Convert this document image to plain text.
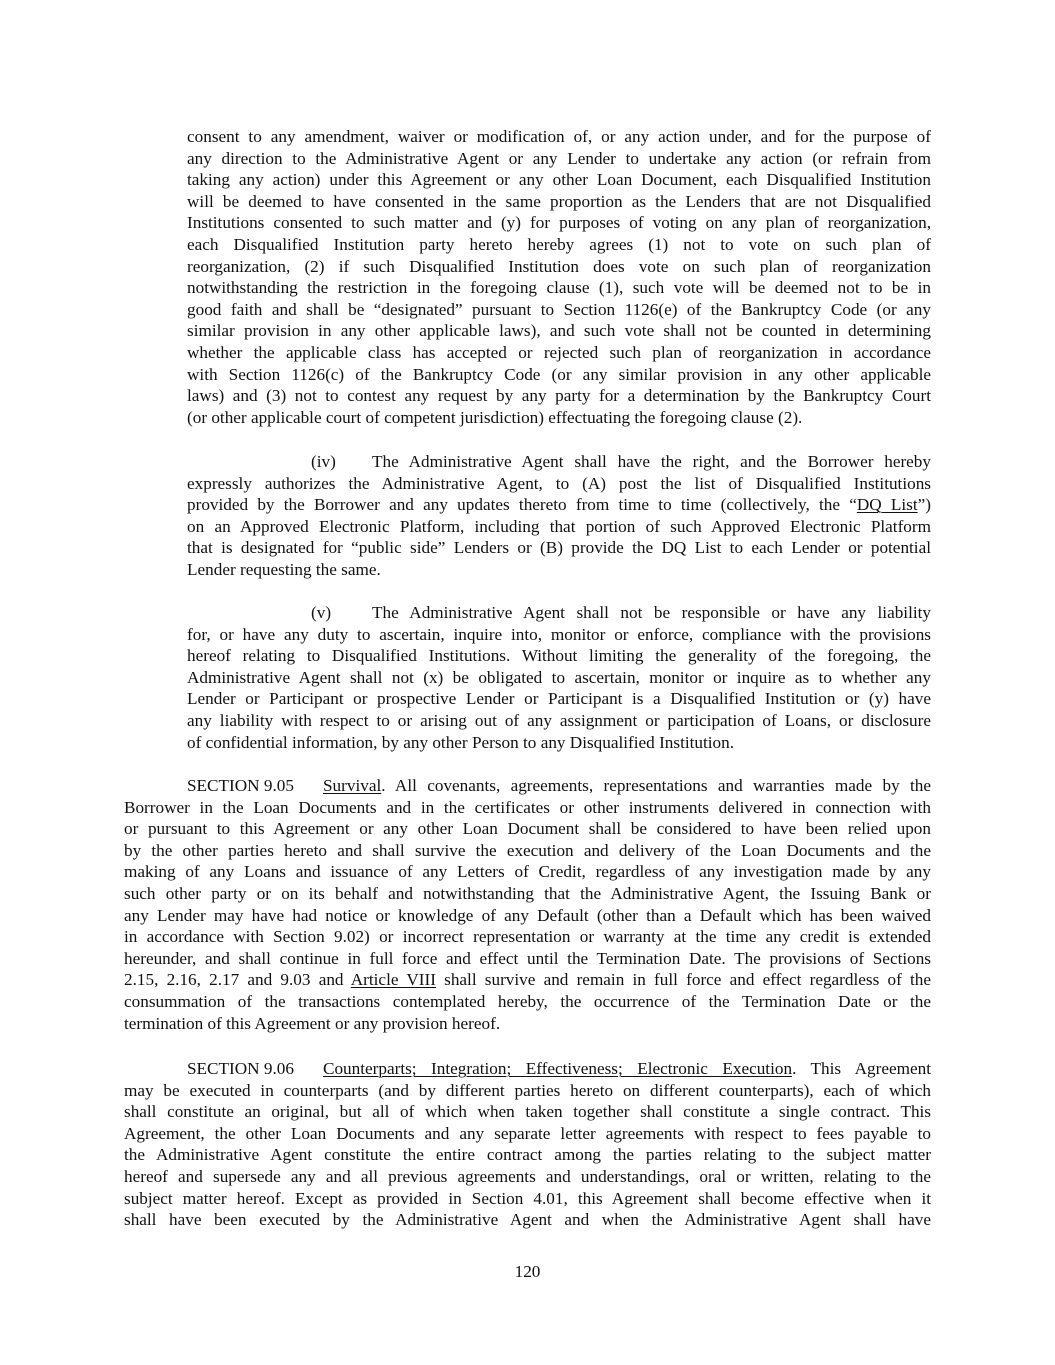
consent to any amendment, waiver or modification of, or any action under, and for the purpose of
any direction to the Administrative Agent or any Lender to undertake any action (or refrain from
taking any action) under this Agreement or any other Loan Document, each Disqualified Institution
will be deemed to have consented in the same proportion as the Lenders that are not Disqualified
Institutions consented to such matter and (y) for purposes of voting on any plan of reorganization,
each Disqualified Institution party hereto hereby agrees (1) not to vote on such plan of
reorganization, (2) if such Disqualified Institution does vote on such plan of reorganization
notwithstanding the restriction in the foregoing clause (1), such vote will be deemed not to be in
good faith and shall be “designated” pursuant to Section 1126(e) of the Bankruptcy Code (or any
similar provision in any other applicable laws), and such vote shall not be counted in determining
whether the applicable class has accepted or rejected such plan of reorganization in accordance
with Section 1126(c) of the Bankruptcy Code (or any similar provision in any other applicable
laws) and (3) not to contest any request by any party for a determination by the Bankruptcy Court
(or other applicable court of competent jurisdiction) effectuating the foregoing clause (2).
(iv)	The Administrative Agent shall have the right, and the Borrower hereby
expressly authorizes the Administrative Agent, to (A) post the list of Disqualified Institutions
provided by the Borrower and any updates thereto from time to time (collectively, the “DQ List”)
on an Approved Electronic Platform, including that portion of such Approved Electronic Platform
that is designated for “public side” Lenders or (B) provide the DQ List to each Lender or potential
Lender requesting the same.
(v)	The Administrative Agent shall not be responsible or have any liability
for, or have any duty to ascertain, inquire into, monitor or enforce, compliance with the provisions
hereof relating to Disqualified Institutions. Without limiting the generality of the foregoing, the
Administrative Agent shall not (x) be obligated to ascertain, monitor or inquire as to whether any
Lender or Participant or prospective Lender or Participant is a Disqualified Institution or (y) have
any liability with respect to or arising out of any assignment or participation of Loans, or disclosure
of confidential information, by any other Person to any Disqualified Institution.
SECTION 9.05	Survival. All covenants, agreements, representations and warranties made by the
Borrower in the Loan Documents and in the certificates or other instruments delivered in connection with
or pursuant to this Agreement or any other Loan Document shall be considered to have been relied upon
by the other parties hereto and shall survive the execution and delivery of the Loan Documents and the
making of any Loans and issuance of any Letters of Credit, regardless of any investigation made by any
such other party or on its behalf and notwithstanding that the Administrative Agent, the Issuing Bank or
any Lender may have had notice or knowledge of any Default (other than a Default which has been waived
in accordance with Section 9.02) or incorrect representation or warranty at the time any credit is extended
hereunder, and shall continue in full force and effect until the Termination Date. The provisions of Sections
2.15, 2.16, 2.17 and 9.03 and Article VIII shall survive and remain in full force and effect regardless of the
consummation of the transactions contemplated hereby, the occurrence of the Termination Date or the
termination of this Agreement or any provision hereof.
SECTION 9.06	Counterparts; Integration; Effectiveness; Electronic Execution. This Agreement
may be executed in counterparts (and by different parties hereto on different counterparts), each of which
shall constitute an original, but all of which when taken together shall constitute a single contract. This
Agreement, the other Loan Documents and any separate letter agreements with respect to fees payable to
the Administrative Agent constitute the entire contract among the parties relating to the subject matter
hereof and supersede any and all previous agreements and understandings, oral or written, relating to the
subject matter hereof. Except as provided in Section 4.01, this Agreement shall become effective when it
shall have been executed by the Administrative Agent and when the Administrative Agent shall have
120
